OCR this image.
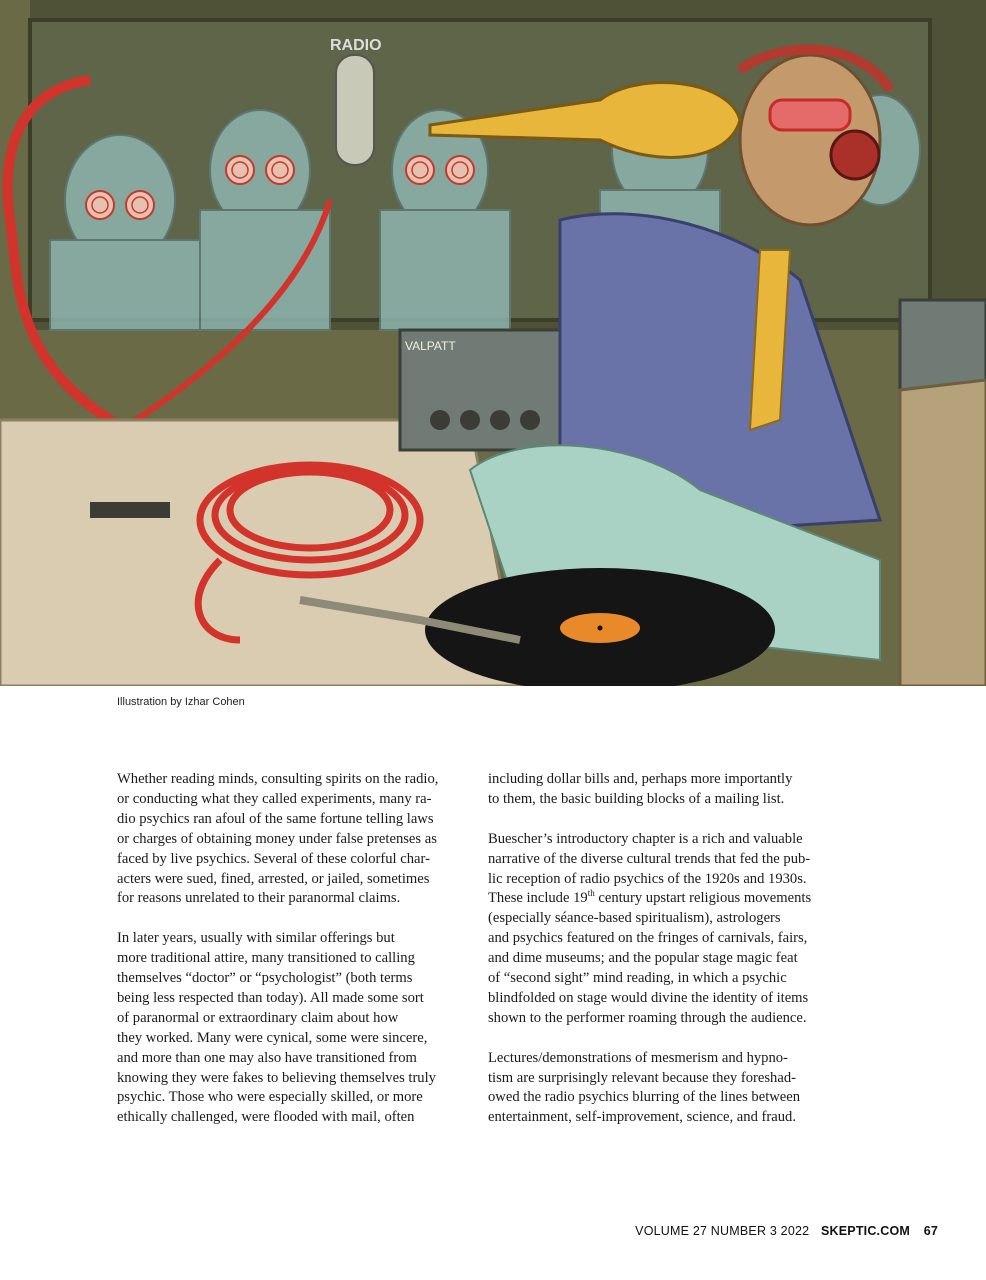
RADIO
VALPATT
Illustration by Izhar Cohen

Whether reading minds, consulting spirits on the radio,
or conducting what they called experiments, many ra-
dio psychics ran afoul of the same fortune telling laws
or charges of obtaining money under false pretenses as
faced by live psychics. Several of these colorful char-
acters were sued, fined, arrested, or jailed, sometimes
for reasons unrelated to their paranormal claims.

In later years, usually with similar offerings but
more traditional attire, many transitioned to calling
themselves “doctor” or “psychologist” (both terms
being less respected than today). All made some sort
of paranormal or extraordinary claim about how
they worked. Many were cynical, some were sincere,
and more than one may also have transitioned from
knowing they were fakes to believing themselves truly
psychic. Those who were especially skilled, or more
ethically challenged, were flooded with mail, often

including dollar bills and, perhaps more importantly
to them, the basic building blocks of a mailing list.

Buescher’s introductory chapter is a rich and valuable
narrative of the diverse cultural trends that fed the pub-
lic reception of radio psychics of the 1920s and 1930s.
These include 19th century upstart religious movements
(especially séance-based spiritualism), astrologers
and psychics featured on the fringes of carnivals, fairs,
and dime museums; and the popular stage magic feat
of “second sight” mind reading, in which a psychic
blindfolded on stage would divine the identity of items
shown to the performer roaming through the audience.

Lectures/demonstrations of mesmerism and hypno-
tism are surprisingly relevant because they foreshad-
owed the radio psychics blurring of the lines between
entertainment, self-improvement, science, and fraud.

VOLUME 27 NUMBER 3 2022 SKEPTIC.COM 67
